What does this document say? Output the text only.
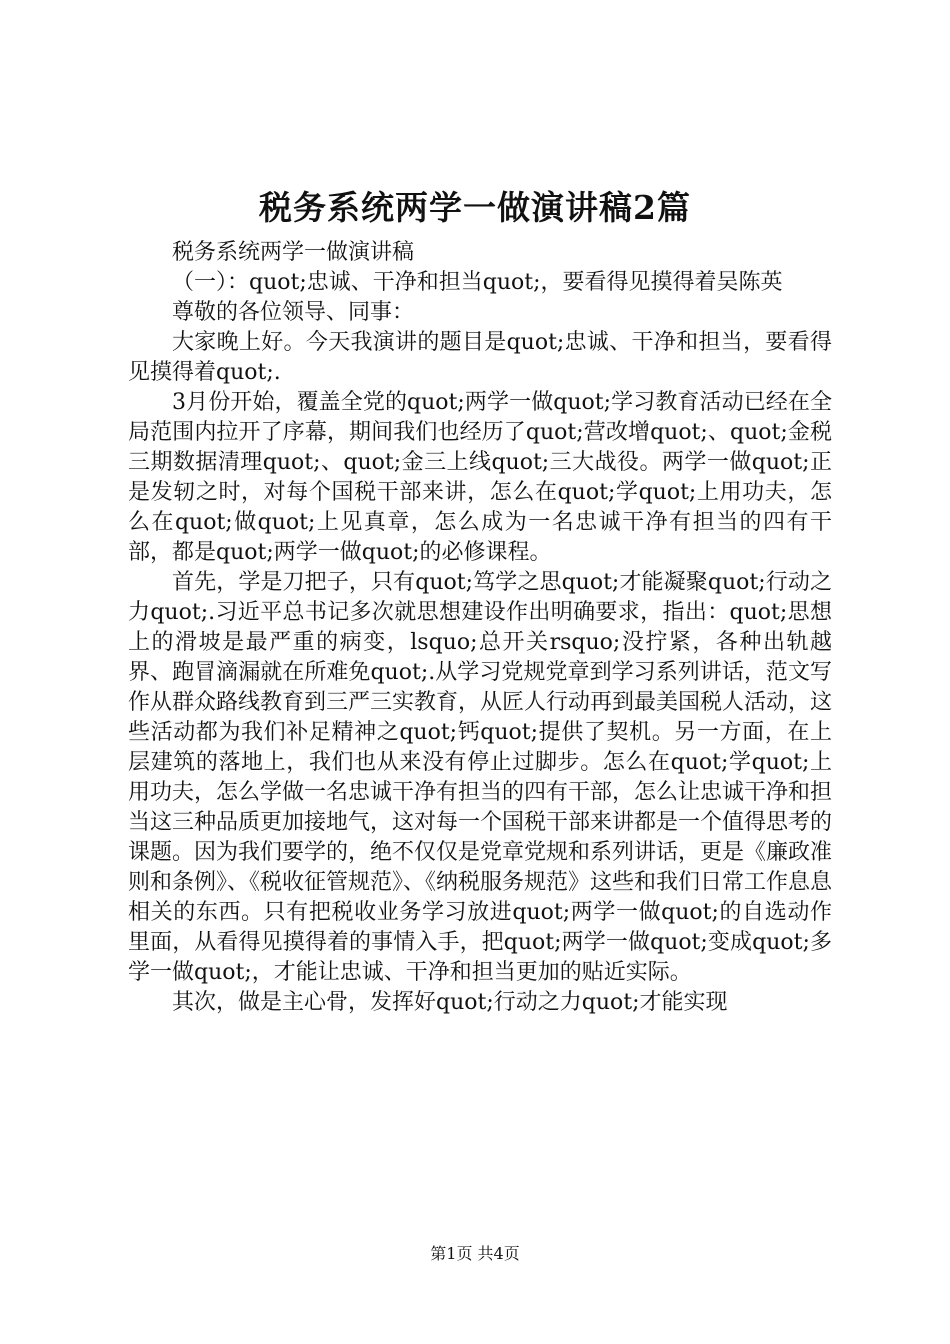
税务系统两学一做演讲稿2篇

税务系统两学一做演讲稿

（一）：quot;忠诚、干净和担当quot;，要看得见摸得着吴陈英

尊敬的各位领导、同事：

大家晚上好。今天我演讲的题目是quot;忠诚、干净和担当，要看得见摸得着quot;.

3月份开始，覆盖全党的quot;两学一做quot;学习教育活动已经在全局范围内拉开了序幕，期间我们也经历了quot;营改增quot;、quot;金税三期数据清理quot;、quot;金三上线quot;三大战役。两学一做quot;正是发轫之时，对每个国税干部来讲，怎么在quot;学quot;上用功夫，怎么在quot;做quot;上见真章，怎么成为一名忠诚干净有担当的四有干部，都是quot;两学一做quot;的必修课程。

首先，学是刀把子，只有quot;笃学之思quot;才能凝聚quot;行动之力quot;.习近平总书记多次就思想建设作出明确要求，指出：quot;思想上的滑坡是最严重的病变，lsquo;总开关rsquo;没拧紧，各种出轨越界、跑冒滴漏就在所难免quot;.从学习党规党章到学习系列讲话，范文写作从群众路线教育到三严三实教育，从匠人行动再到最美国税人活动，这些活动都为我们补足精神之quot;钙quot;提供了契机。另一方面，在上层建筑的落地上，我们也从来没有停止过脚步。怎么在quot;学quot;上用功夫，怎么学做一名忠诚干净有担当的四有干部，怎么让忠诚干净和担当这三种品质更加接地气，这对每一个国税干部来讲都是一个值得思考的课题。因为我们要学的，绝不仅仅是党章党规和系列讲话，更是《廉政准则和条例》、《税收征管规范》、《纳税服务规范》这些和我们日常工作息息相关的东西。只有把税收业务学习放进quot;两学一做quot;的自选动作里面，从看得见摸得着的事情入手，把quot;两学一做quot;变成quot;多学一做quot;，才能让忠诚、干净和担当更加的贴近实际。

其次，做是主心骨，发挥好quot;行动之力quot;才能实现

第1页 共4页
